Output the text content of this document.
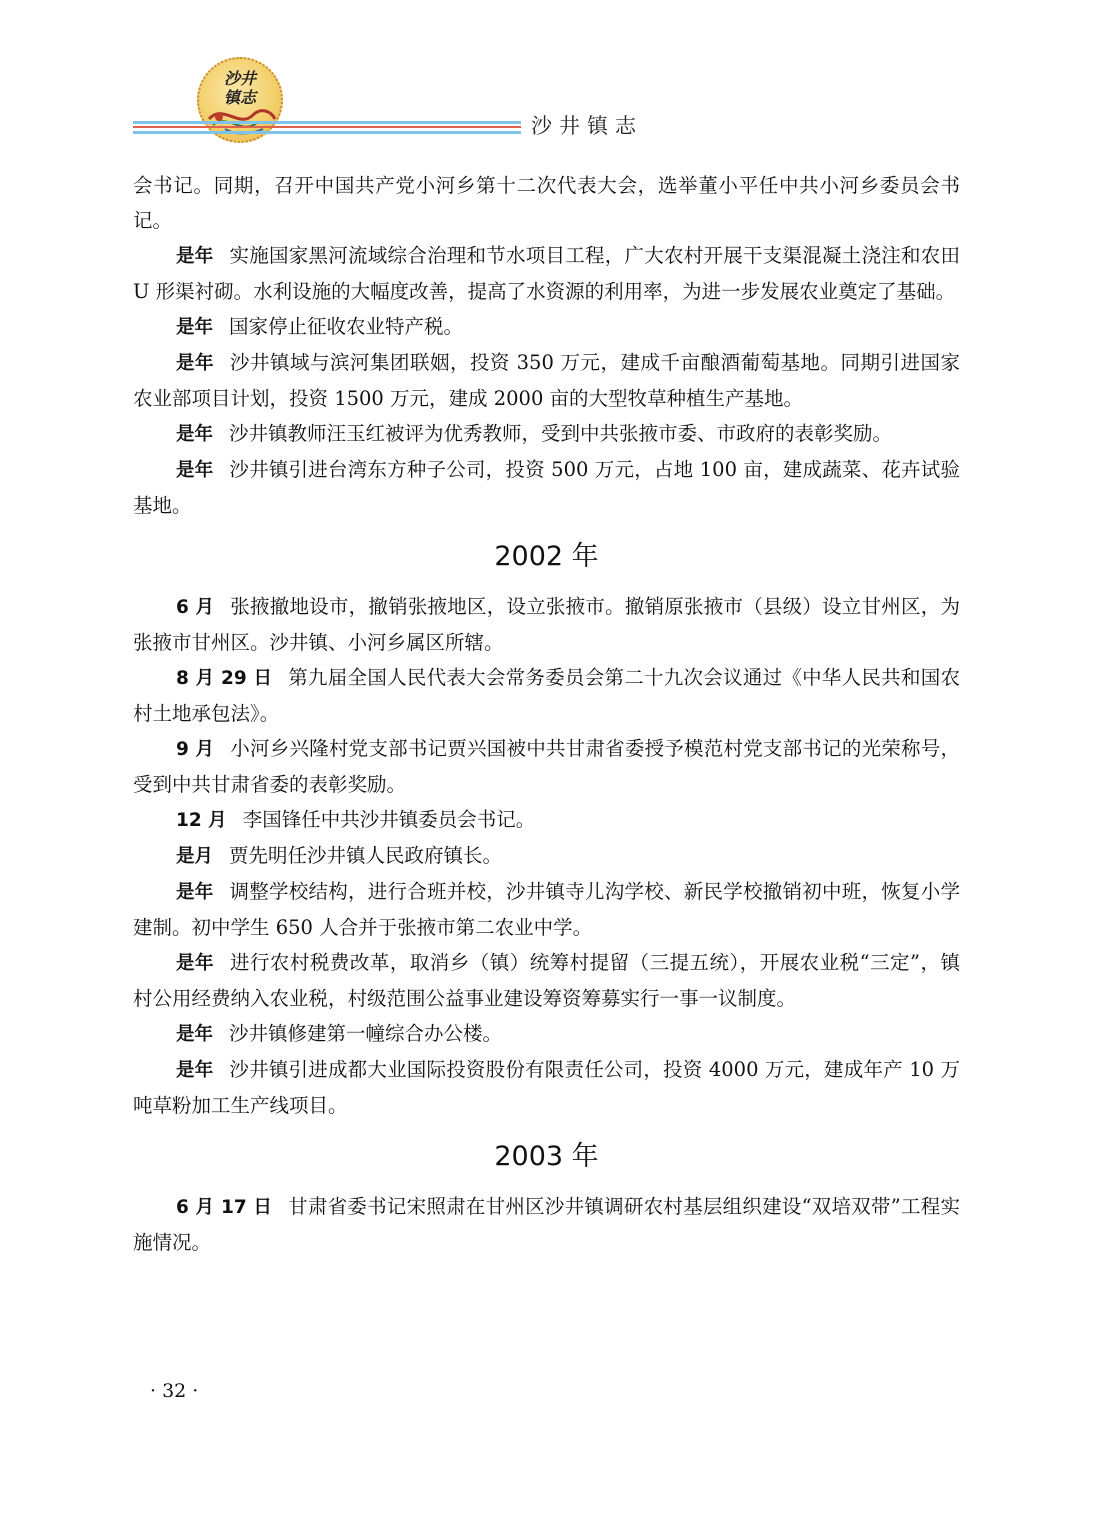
沙井
镇志
沙井镇志

会书记。同期，召开中国共产党小河乡第十二次代表大会，选举董小平任中共小河乡委员会书记。

是年 实施国家黑河流域综合治理和节水项目工程，广大农村开展干支渠混凝土浇注和农田 U 形渠衬砌。水利设施的大幅度改善，提高了水资源的利用率，为进一步发展农业奠定了基础。

是年 国家停止征收农业特产税。

是年 沙井镇域与滨河集团联姻，投资 350 万元，建成千亩酿酒葡萄基地。同期引进国家农业部项目计划，投资 1500 万元，建成 2000 亩的大型牧草种植生产基地。

是年 沙井镇教师汪玉红被评为优秀教师，受到中共张掖市委、市政府的表彰奖励。

是年 沙井镇引进台湾东方种子公司，投资 500 万元，占地 100 亩，建成蔬菜、花卉试验基地。

2002 年

6 月 张掖撤地设市，撤销张掖地区，设立张掖市。撤销原张掖市（县级）设立甘州区，为张掖市甘州区。沙井镇、小河乡属区所辖。

8 月 29 日 第九届全国人民代表大会常务委员会第二十九次会议通过《中华人民共和国农村土地承包法》。

9 月 小河乡兴隆村党支部书记贾兴国被中共甘肃省委授予模范村党支部书记的光荣称号，受到中共甘肃省委的表彰奖励。

12 月 李国锋任中共沙井镇委员会书记。

是月 贾先明任沙井镇人民政府镇长。

是年 调整学校结构，进行合班并校，沙井镇寺儿沟学校、新民学校撤销初中班，恢复小学建制。初中学生 650 人合并于张掖市第二农业中学。

是年 进行农村税费改革，取消乡（镇）统筹村提留（三提五统），开展农业税“三定”，镇村公用经费纳入农业税，村级范围公益事业建设筹资筹募实行一事一议制度。

是年 沙井镇修建第一幢综合办公楼。

是年 沙井镇引进成都大业国际投资股份有限责任公司，投资 4000 万元，建成年产 10 万吨草粉加工生产线项目。

2003 年

6 月 17 日 甘肃省委书记宋照肃在甘州区沙井镇调研农村基层组织建设“双培双带”工程实施情况。

· 32 ·
